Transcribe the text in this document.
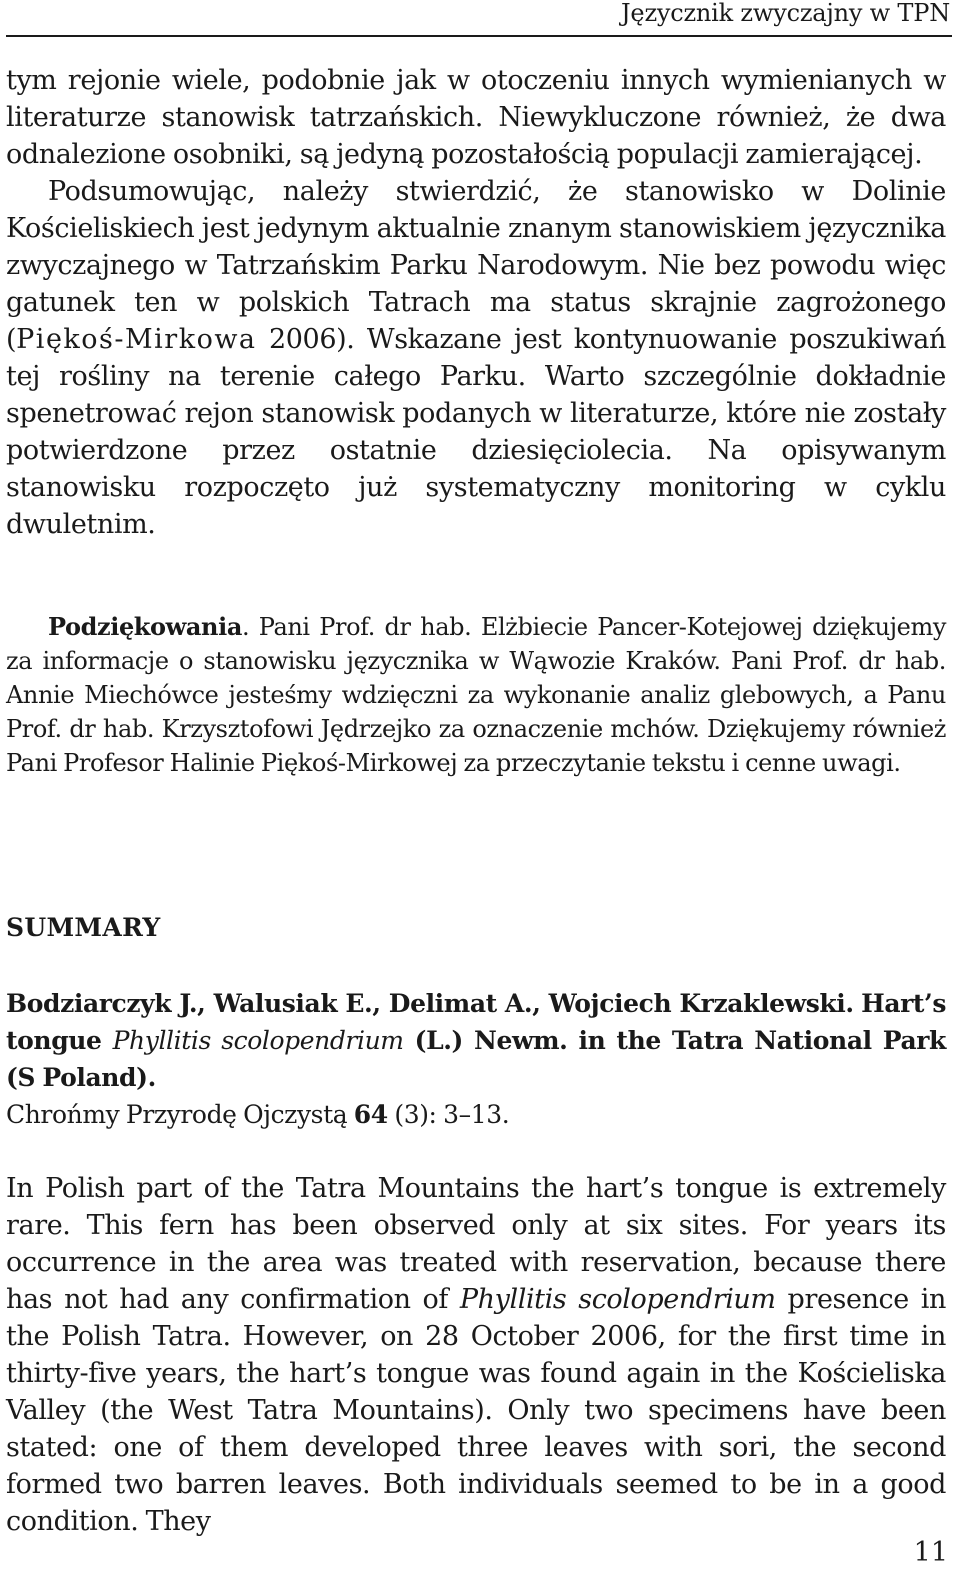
Języcznik zwyczajny w TPN

tym rejonie wiele, podobnie jak w otoczeniu innych wymienianych w literaturze stanowisk tatrzańskich. Niewykluczone również, że dwa odnalezione osobniki, są jedyną pozostałością populacji zamierającej.

Podsumowując, należy stwierdzić, że stanowisko w Dolinie Kościeliskiech jest jedynym aktualnie znanym stanowiskiem języcznika zwyczajnego w Tatrzańskim Parku Narodowym. Nie bez powodu więc gatunek ten w polskich Tatrach ma status skrajnie zagrożonego (Piękoś-Mirkowa 2006). Wskazane jest kontynuowanie poszukiwań tej rośliny na terenie całego Parku. Warto szczególnie dokładnie spenetrować rejon stanowisk podanych w literaturze, które nie zostały potwierdzone przez ostatnie dziesięciolecia. Na opisywanym stanowisku rozpoczęto już systematyczny monitoring w cyklu dwuletnim.

Podziękowania. Pani Prof. dr hab. Elżbiecie Pancer-Kotejowej dziękujemy za informacje o stanowisku języcznika w Wąwozie Kraków. Pani Prof. dr hab. Annie Miechówce jesteśmy wdzięczni za wykonanie analiz glebowych, a Panu Prof. dr hab. Krzysztofowi Jędrzejko za oznaczenie mchów. Dziękujemy również Pani Profesor Halinie Piękoś-Mirkowej za przeczytanie tekstu i cenne uwagi.

SUMMARY

Bodziarczyk J., Walusiak E., Delimat A., Wojciech Krzaklewski. Hart’s tongue Phyllitis scolopendrium (L.) Newm. in the Tatra National Park (S Poland).

Chrońmy Przyrodę Ojczystą 64 (3): 3–13.

In Polish part of the Tatra Mountains the hart’s tongue is extremely rare. This fern has been observed only at six sites. For years its occurrence in the area was treated with reservation, because there has not had any confirmation of Phyllitis scolopendrium presence in the Polish Tatra. However, on 28 October 2006, for the first time in thirty-five years, the hart’s tongue was found again in the Kościeliska Valley (the West Tatra Mountains). Only two specimens have been stated: one of them developed three leaves with sori, the second formed two barren leaves. Both individuals seemed to be in a good condition. They

11
